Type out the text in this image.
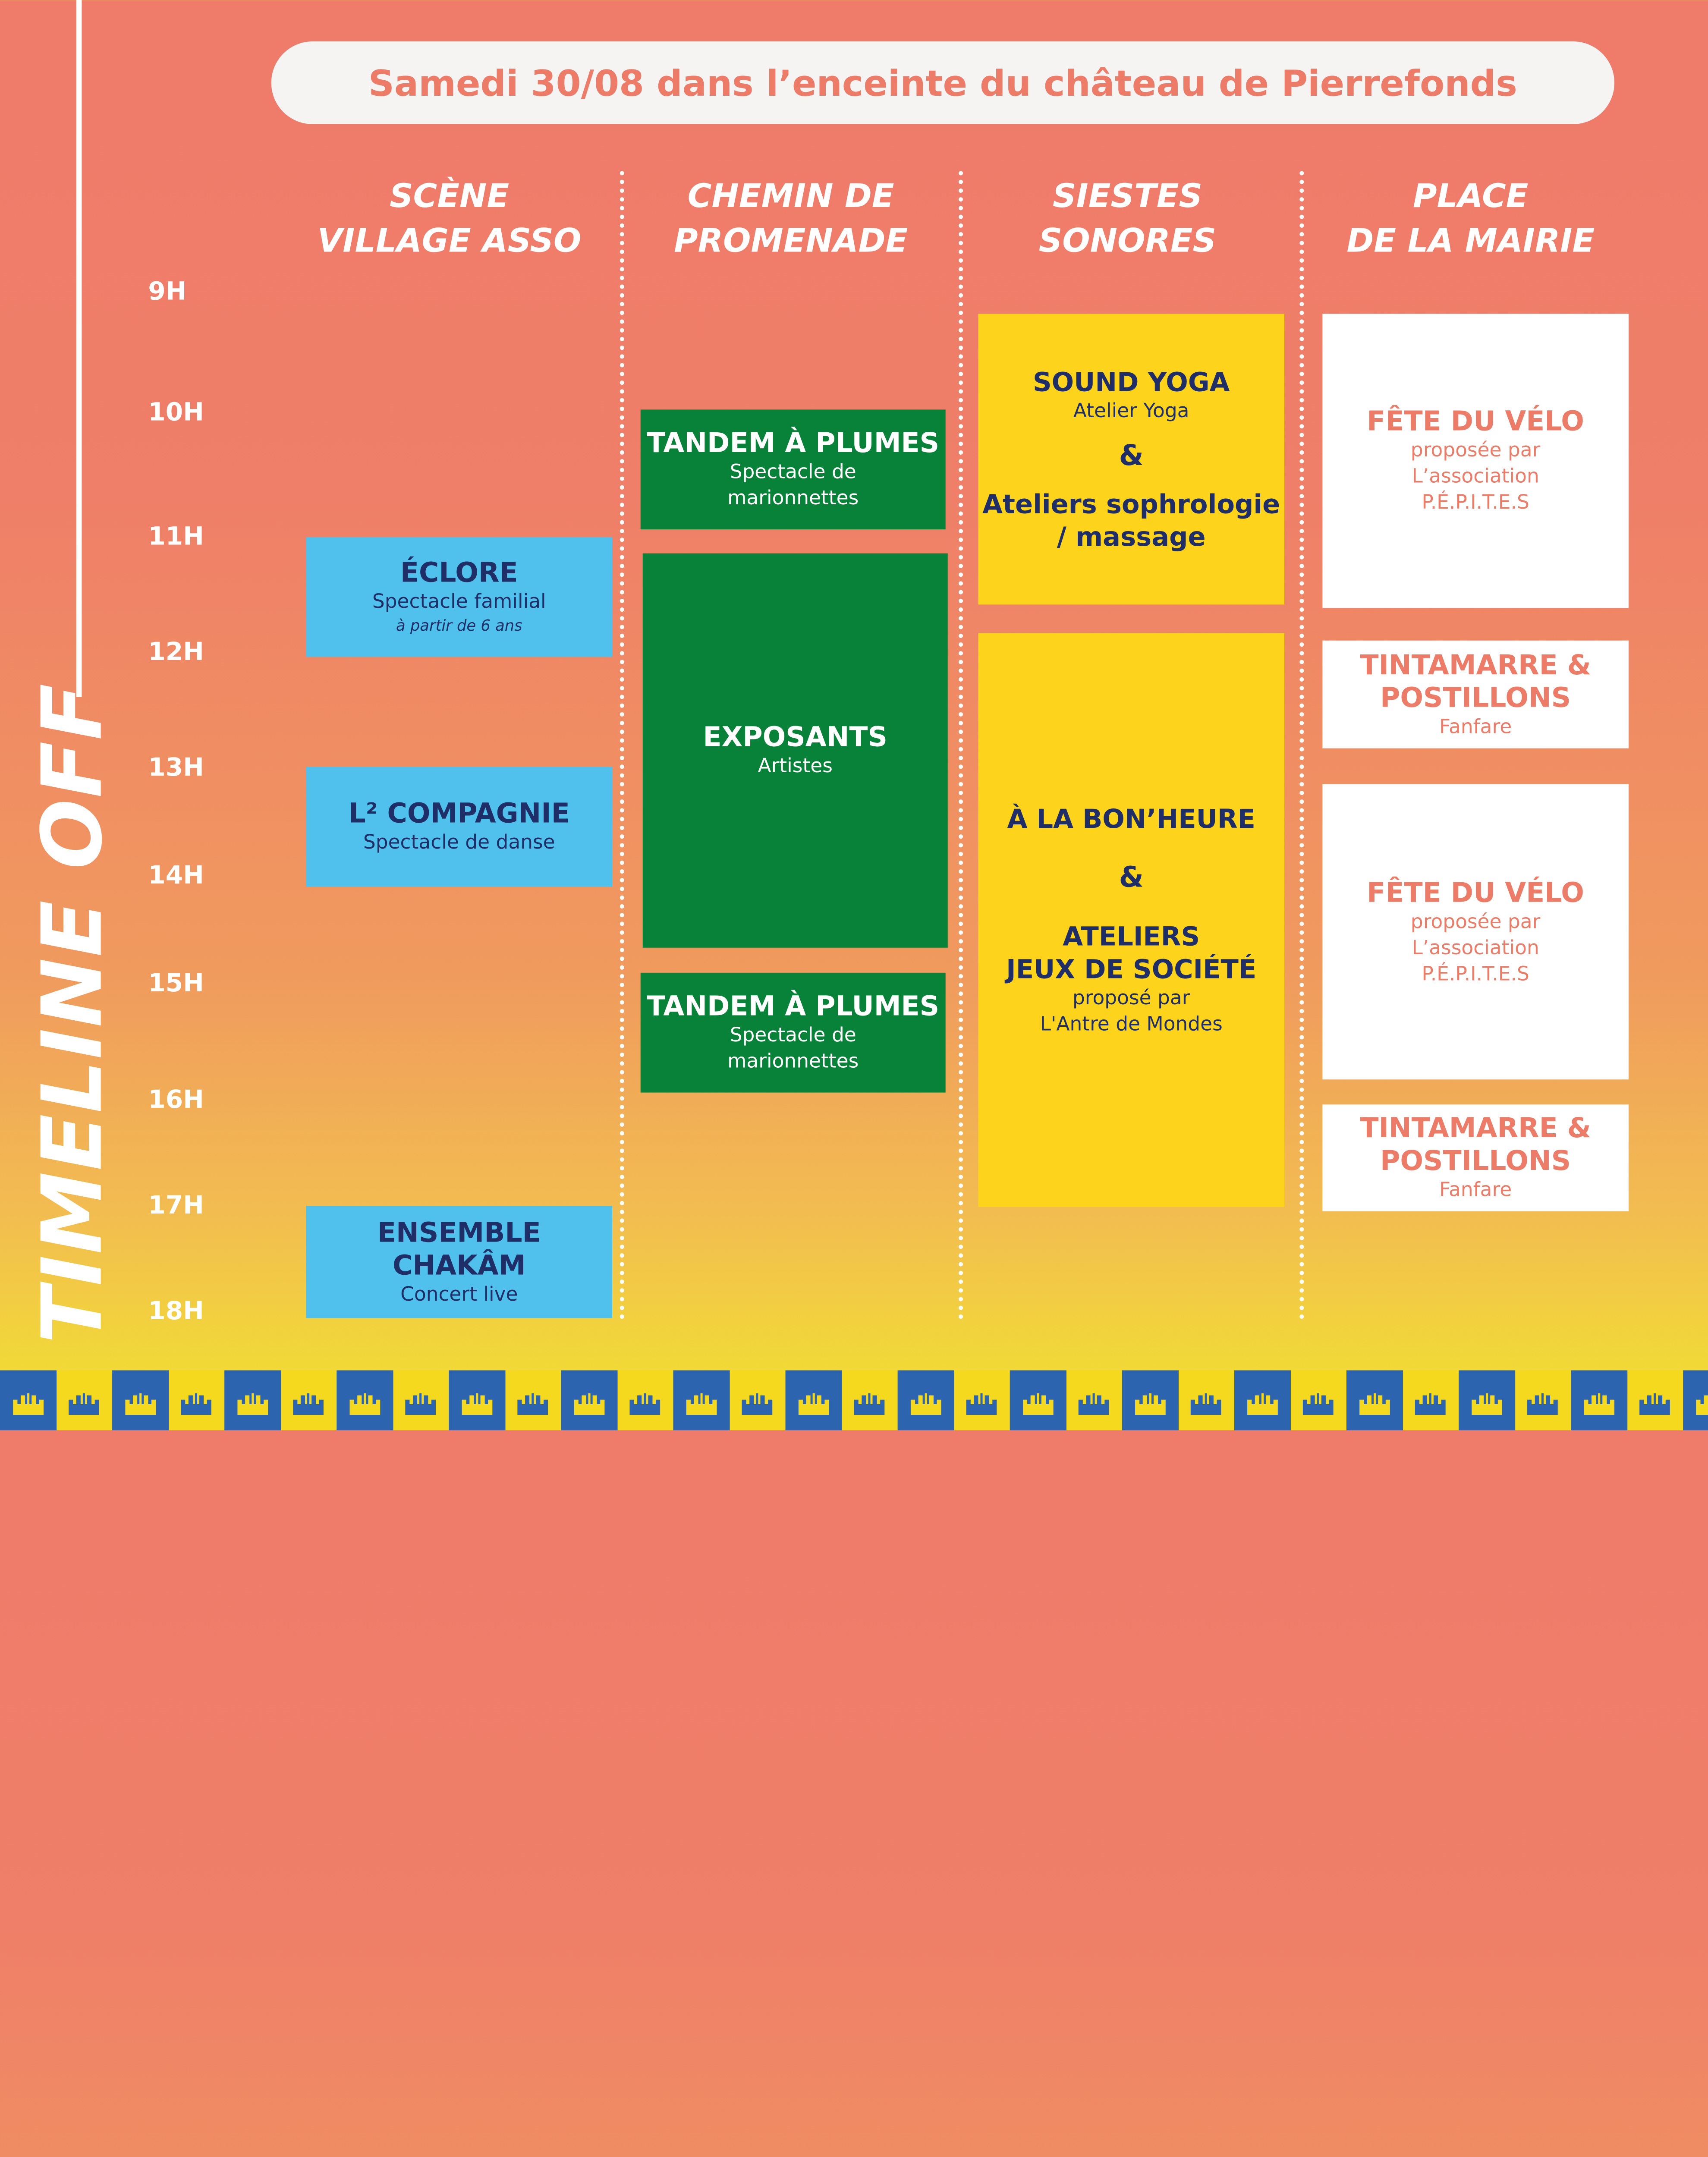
TIMELINE OFF
Samedi 30/08 dans l’enceinte du château de Pierrefonds
SCÈNE
VILLAGE ASSO
CHEMIN DE
PROMENADE
SIESTES
SONORES
PLACE
DE LA MAIRIE
9H
10H
11H
12H
13H
14H
15H
16H
17H
18H
ÉCLORE
Spectacle familial
à partir de 6 ans
L² COMPAGNIE
Spectacle de danse
ENSEMBLE
CHAKÂM
Concert live
TANDEM À PLUMES
Spectacle de
marionnettes
EXPOSANTS
Artistes
TANDEM À PLUMES
Spectacle de
marionnettes
SOUND YOGA
Atelier Yoga
&
Ateliers sophrologie
/ massage
À LA BON’HEURE
&
ATELIERS
JEUX DE SOCIÉTÉ
proposé par
L'Antre de Mondes
FÊTE DU VÉLO
proposée par
L’association
P.É.P.I.T.E.S
TINTAMARRE &
POSTILLONS
Fanfare
FÊTE DU VÉLO
proposée par
L’association
P.É.P.I.T.E.S
TINTAMARRE &
POSTILLONS
Fanfare
